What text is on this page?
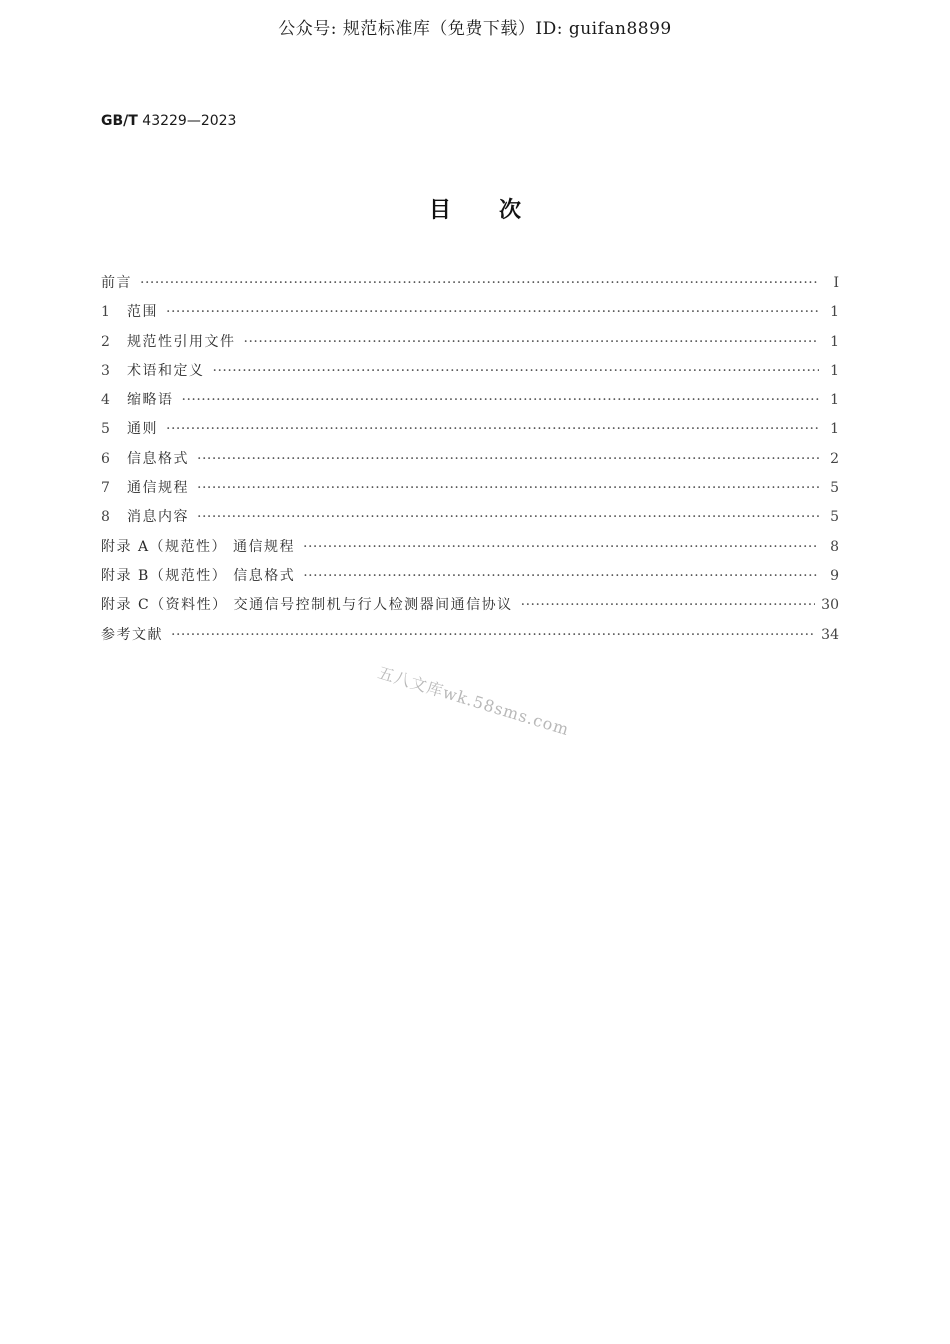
公众号: 规范标准库（免费下载）ID: guifan8899
GB/T 43229—2023
目次
前言 ·····	I
1	范围 ·····	1
2	规范性引用文件 ·····	1
3	术语和定义 ·····	1
4	缩略语 ·····	1
5	通则 ·····	1
6	信息格式 ·····	2
7	通信规程 ·····	5
8	消息内容 ·····	5
附录 A（规范性） 通信规程 ·····	8
附录 B（规范性） 信息格式 ·····	9
附录 C（资料性） 交通信号控制机与行人检测器间通信协议 ·····	30
参考文献 ·····	34
五八文库wk.58sms.com
